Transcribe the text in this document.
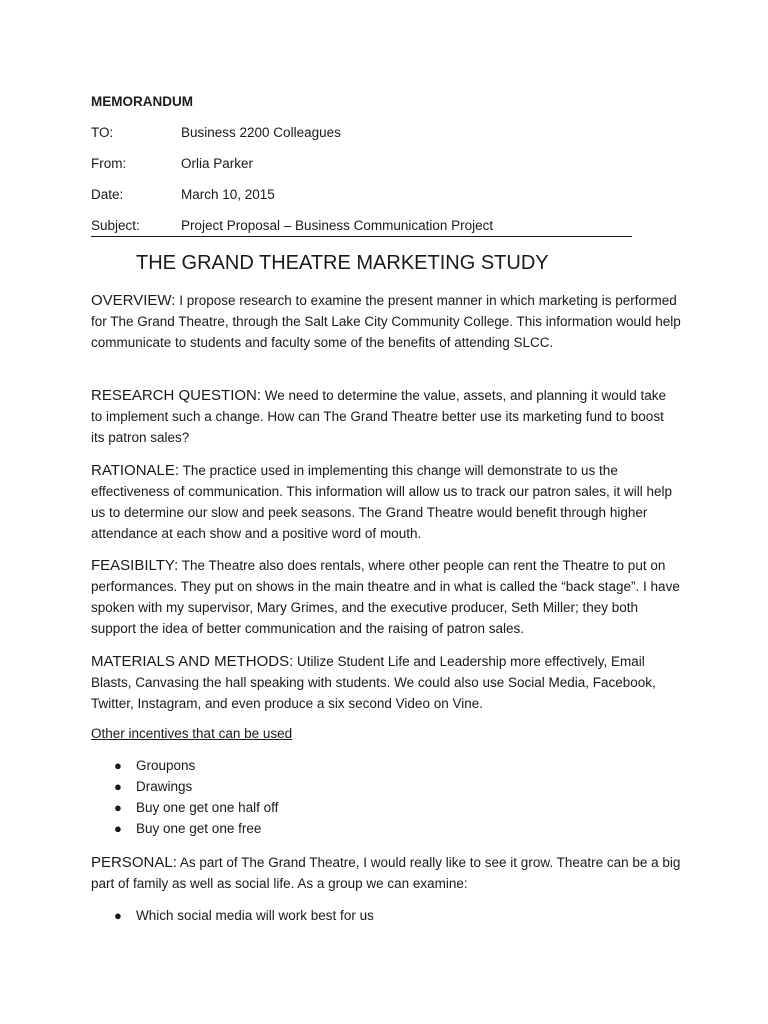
MEMORANDUM
TO:	Business 2200 Colleagues
From:	Orlia Parker
Date:	March 10, 2015
Subject:	Project Proposal – Business Communication Project
THE GRAND THEATRE MARKETING STUDY

OVERVIEW: I propose research to examine the present manner in which marketing is performed for The Grand Theatre, through the Salt Lake City Community College. This information would help communicate to students and faculty some of the benefits of attending SLCC.

RESEARCH QUESTION: We need to determine the value, assets, and planning it would take to implement such a change. How can The Grand Theatre better use its marketing fund to boost its patron sales?

RATIONALE: The practice used in implementing this change will demonstrate to us the effectiveness of communication. This information will allow us to track our patron sales, it will help us to determine our slow and peek seasons. The Grand Theatre would benefit through higher attendance at each show and a positive word of mouth.

FEASIBILTY: The Theatre also does rentals, where other people can rent the Theatre to put on performances. They put on shows in the main theatre and in what is called the “back stage”. I have spoken with my supervisor, Mary Grimes, and the executive producer, Seth Miller; they both support the idea of better communication and the raising of patron sales.

MATERIALS AND METHODS: Utilize Student Life and Leadership more effectively, Email Blasts, Canvasing the hall speaking with students. We could also use Social Media, Facebook, Twitter, Instagram, and even produce a six second Video on Vine.

Other incentives that can be used
● Groupons
● Drawings
● Buy one get one half off
● Buy one get one free

PERSONAL: As part of The Grand Theatre, I would really like to see it grow. Theatre can be a big part of family as well as social life. As a group we can examine:

● Which social media will work best for us
